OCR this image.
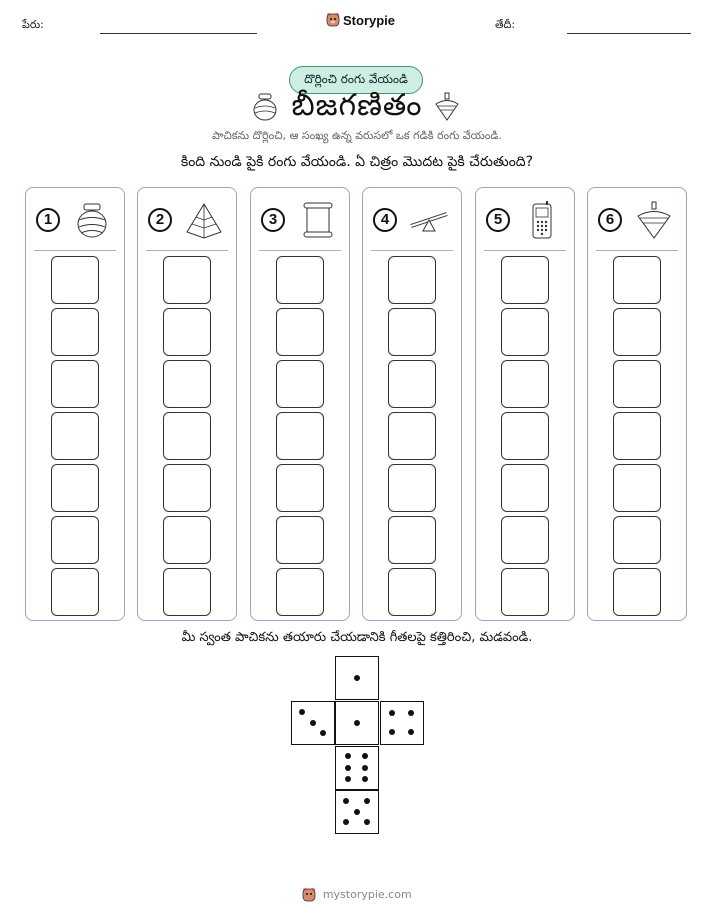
పేరు:	Storypie	తేదీ:
దొర్లించి రంగు వేయండి
బీజగణితం
పాచికను దొర్లించి, ఆ సంఖ్య ఉన్న వరుసలో ఒక గడికి రంగు వేయండి.
కింది నుండి పైకి రంగు వేయండి. ఏ చిత్రం మొదట పైకి చేరుతుంది?
1	2	3	4	5	6
మీ స్వంత పాచికను తయారు చేయడానికి గీతలపై కత్తిరించి, మడవండి.
mystorypie.com
